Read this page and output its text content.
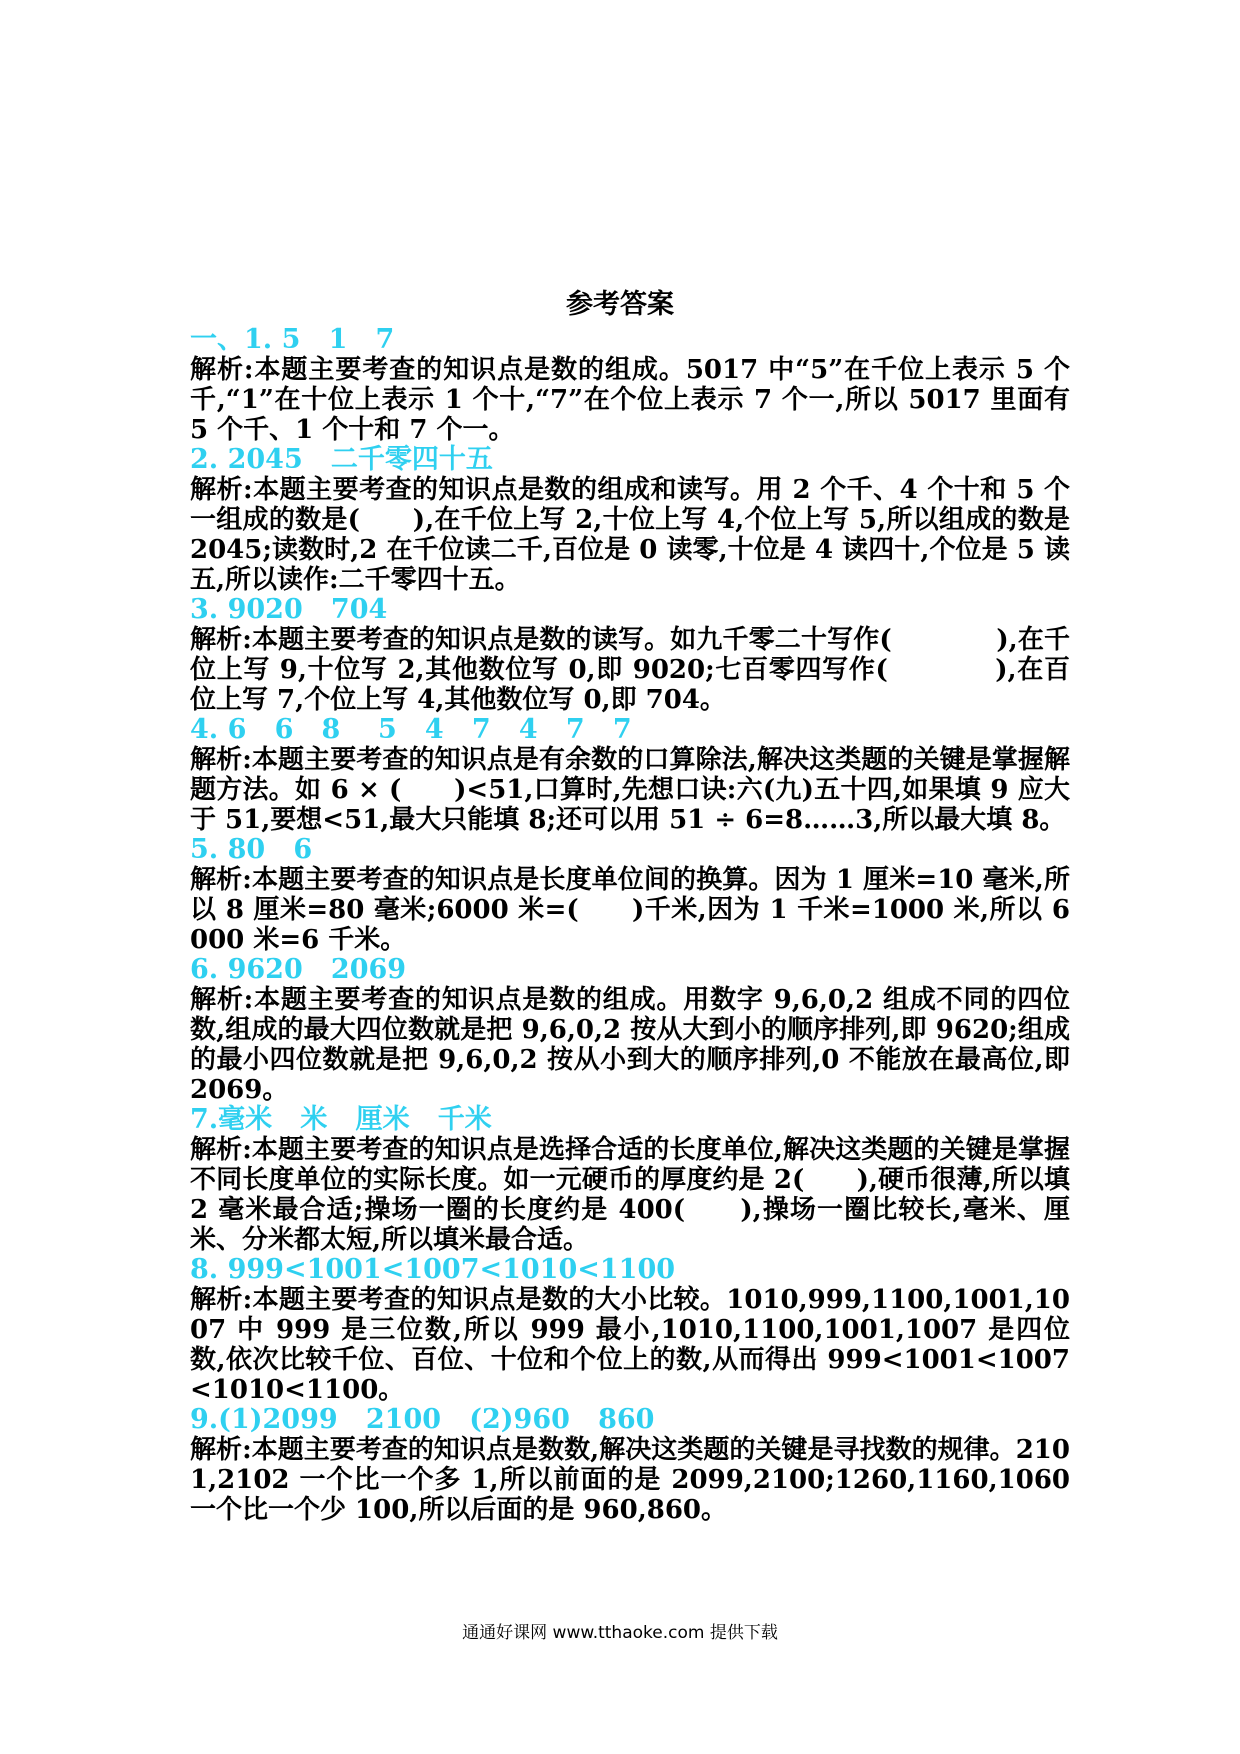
参考答案
一、1. 5   1   7
解析:本题主要考查的知识点是数的组成。5017 中“5”在千位上表示 5 个千,“1”在十位上表示 1 个十,“7”在个位上表示 7 个一,所以 5017 里面有 5 个千、1 个十和 7 个一。
2. 2045   二千零四十五
解析:本题主要考查的知识点是数的组成和读写。用 2 个千、4 个十和 5 个一组成的数是(　　),在千位上写 2,十位上写 4,个位上写 5,所以组成的数是 2045;读数时,2 在千位读二千,百位是 0 读零,十位是 4 读四十,个位是 5 读五,所以读作:二千零四十五。
3. 9020   704
解析:本题主要考查的知识点是数的读写。如九千零二十写作(　　　　),在千位上写 9,十位写 2,其他数位写 0,即 9020;七百零四写作(　　　　),在百位上写 7,个位上写 4,其他数位写 0,即 704。
4. 6   6   8    5   4   7   4   7   7
解析:本题主要考查的知识点是有余数的口算除法,解决这类题的关键是掌握解题方法。如 6 × (　　)<51,口算时,先想口诀:六(九)五十四,如果填 9 应大于 51,要想<51,最大只能填 8;还可以用 51 ÷ 6=8……3,所以最大填 8。
5. 80   6
解析:本题主要考查的知识点是长度单位间的换算。因为 1 厘米=10 毫米,所以 8 厘米=80 毫米;6000 米=(　　)千米,因为 1 千米=1000 米,所以 6000 米=6 千米。
6. 9620   2069
解析:本题主要考查的知识点是数的组成。用数字 9,6,0,2 组成不同的四位数,组成的最大四位数就是把 9,6,0,2 按从大到小的顺序排列,即 9620;组成的最小四位数就是把 9,6,0,2 按从小到大的顺序排列,0 不能放在最高位,即 2069。
7.毫米   米   厘米   千米
解析:本题主要考查的知识点是选择合适的长度单位,解决这类题的关键是掌握不同长度单位的实际长度。如一元硬币的厚度约是 2(　　),硬币很薄,所以填 2 毫米最合适;操场一圈的长度约是 400(　　),操场一圈比较长,毫米、厘米、分米都太短,所以填米最合适。
8. 999<1001<1007<1010<1100
解析:本题主要考查的知识点是数的大小比较。1010,999,1100,1001,1007 中 999 是三位数,所以 999 最小,1010,1100,1001,1007 是四位数,依次比较千位、百位、十位和个位上的数,从而得出 999<1001<1007<1010<1100。
9.(1)2099   2100   (2)960   860
解析:本题主要考查的知识点是数数,解决这类题的关键是寻找数的规律。2101,2102 一个比一个多 1,所以前面的是 2099,2100;1260,1160,1060 一个比一个少 100,所以后面的是 960,860。
通通好课网 www.tthaoke.com 提供下载
